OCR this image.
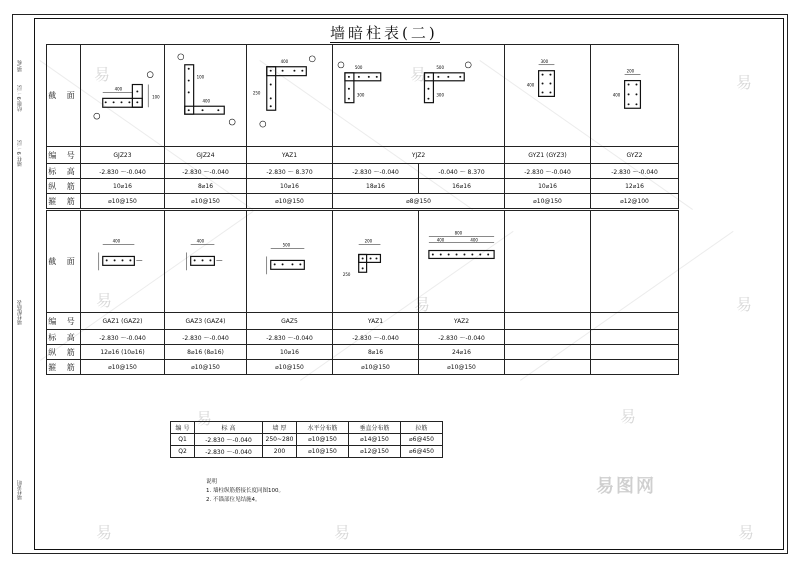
墙/栋
结施-9 二层
墙柱 9 二层
墙柱配筋表
墙柱说明
易	易	易
易	易	易
易	易
易	易	易
易图网
墙暗柱表(二)
截 面	400
100	400
100	400
250	500
300
500
300		300
400	200
400

编 号	GJZ23	GJZ24	YAZ1	YJZ2		GYZ1 (GYZ3)	GYZ2
标 高	-2.830 ～-0.040	-2.830 ～-0.040	-2.830 ～ 8.370	-2.830 ～-0.040	-0.040 ～ 8.370	-2.830 ～-0.040	-2.830 ～-0.040
纵 筋	10⌀16	8⌀16	10⌀16	18⌀16	16⌀16	10⌀16	12⌀16
箍 筋	⌀10@150	⌀10@150	⌀10@150	⌀8@150		⌀10@150	⌀12@100
截 面	400	400	500	200
250	800
400 400		

编 号	GAZ1 (GAZ2)	GAZ3 (GAZ4)	GAZ5	YAZ1	YAZ2		
标 高	-2.830 ～-0.040	-2.830 ～-0.040	-2.830 ～-0.040	-2.830 ～-0.040	-2.830 ～-0.040		
纵 筋	12⌀16 (10⌀16)	8⌀16 (8⌀16)	10⌀16	8⌀16	24⌀16		
箍 筋	⌀10@150	⌀10@150	⌀10@150	⌀10@150	⌀10@150		
编 号	标 高	墙 厚	水平分布筋	垂直分布筋	拉筋
Q1	-2.830 ～-0.040	250~280	⌀10@150	⌀14@150	⌀6@450
Q2	-2.830 ～-0.040	200	⌀10@150	⌀12@150	⌀6@450
说明
1. 墙柱纵筋搭接长度同图100。
2. 不锚部位见结施4。
